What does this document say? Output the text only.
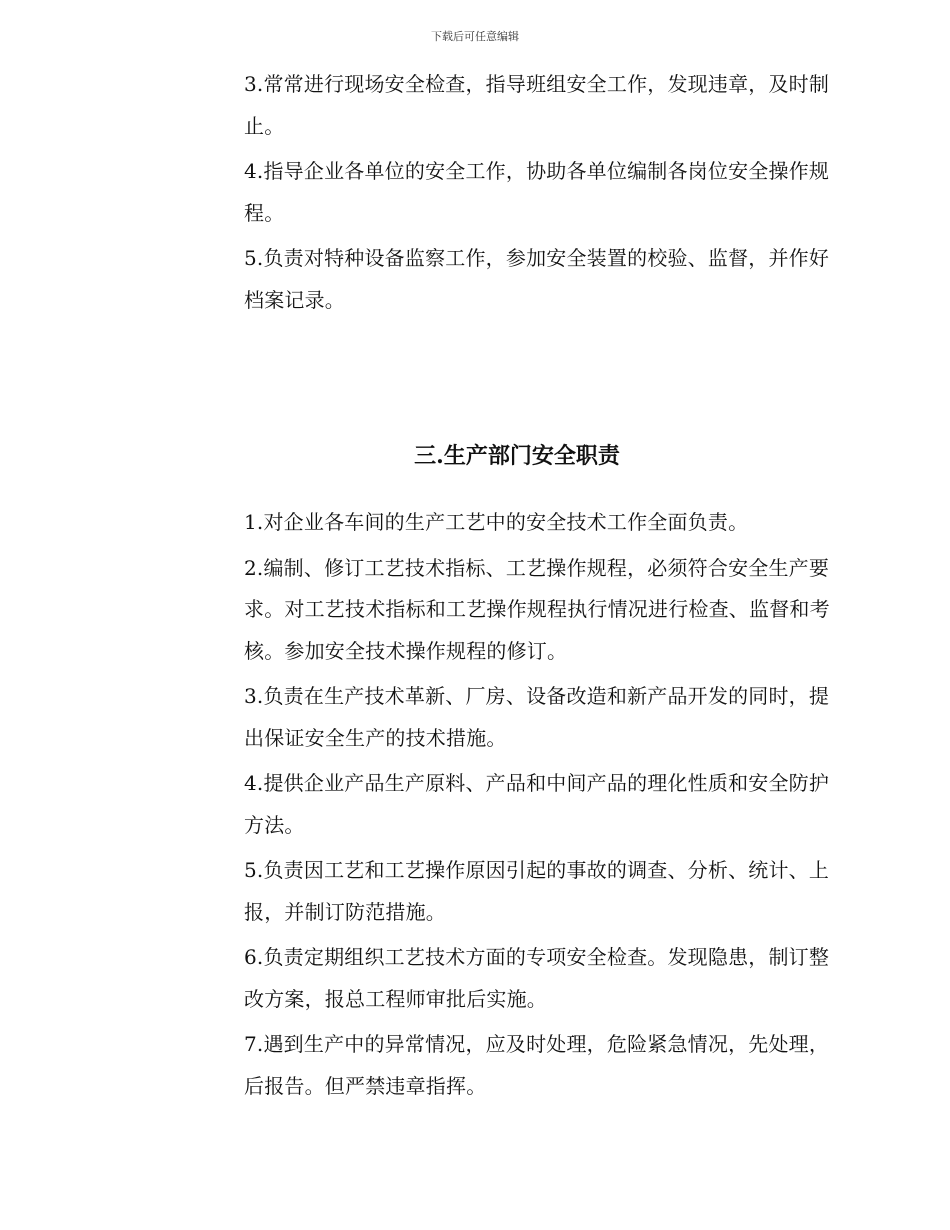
下载后可任意编辑

3.常常进行现场安全检查，指导班组安全工作，发现违章，及时制止。

4.指导企业各单位的安全工作，协助各单位编制各岗位安全操作规程。

5.负责对特种设备监察工作，参加安全装置的校验、监督，并作好档案记录。

三.生产部门安全职责

1.对企业各车间的生产工艺中的安全技术工作全面负责。

2.编制、修订工艺技术指标、工艺操作规程，必须符合安全生产要求。对工艺技术指标和工艺操作规程执行情况进行检查、监督和考核。参加安全技术操作规程的修订。

3.负责在生产技术革新、厂房、设备改造和新产品开发的同时，提出保证安全生产的技术措施。

4.提供企业产品生产原料、产品和中间产品的理化性质和安全防护方法。

5.负责因工艺和工艺操作原因引起的事故的调查、分析、统计、上报，并制订防范措施。

6.负责定期组织工艺技术方面的专项安全检查。发现隐患，制订整改方案，报总工程师审批后实施。

7.遇到生产中的异常情况，应及时处理，危险紧急情况，先处理，后报告。但严禁违章指挥。
